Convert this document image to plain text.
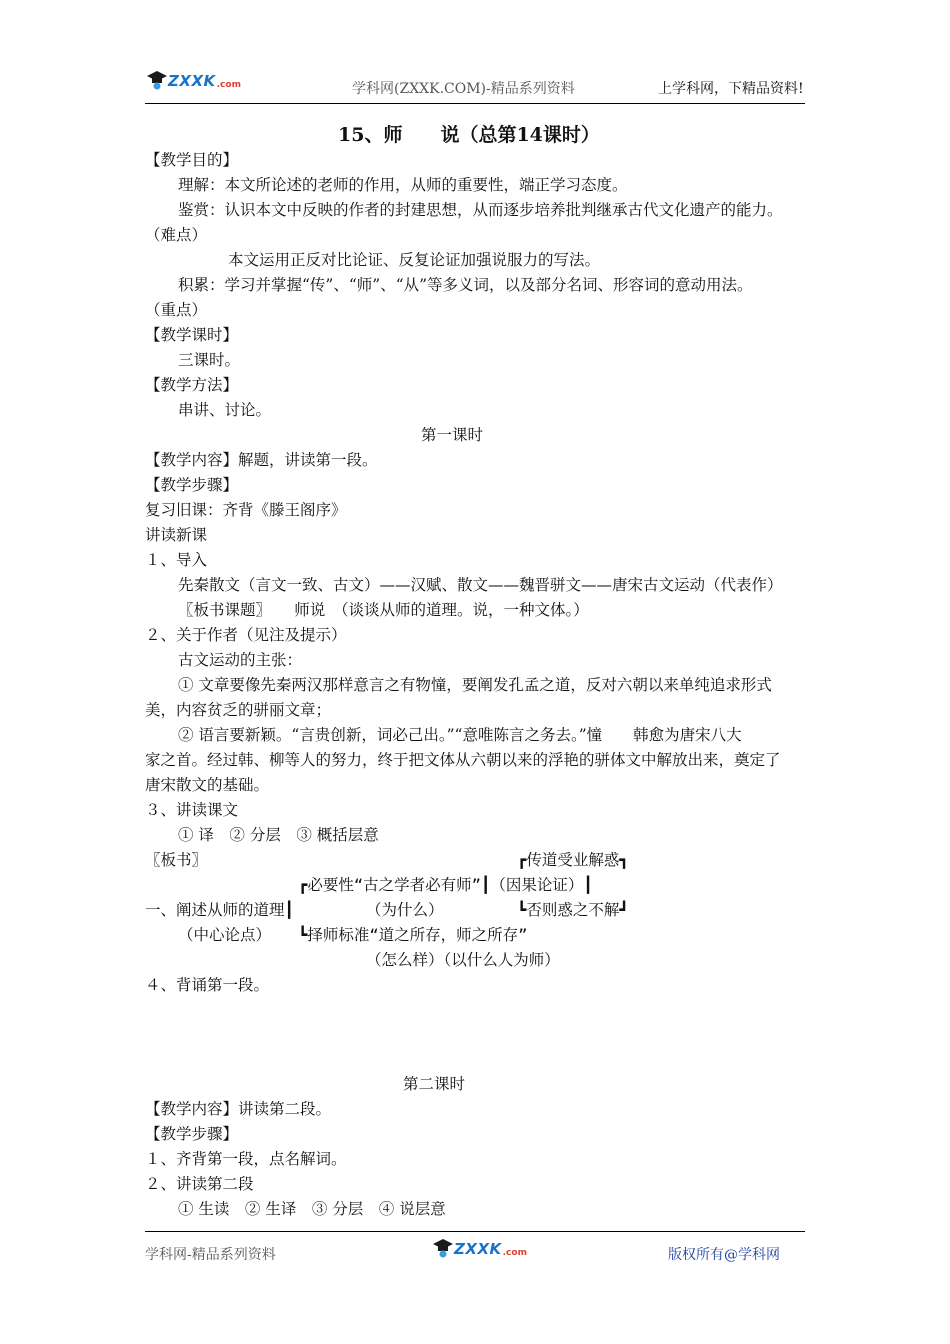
ZXXK .com	学科网(ZXXK.COM)-精品系列资料	上学科网，下精品资料!
15、师　　说（总第14课时）
【教学目的】
理解：本文所论述的老师的作用，从师的重要性，端正学习态度。
鉴赏：认识本文中反映的作者的封建思想，从而逐步培养批判继承古代文化遗产的能力。
（难点）
本文运用正反对比论证、反复论证加强说服力的写法。
积累：学习并掌握“传”、“师”、“从”等多义词，以及部分名词、形容词的意动用法。
（重点）
【教学课时】
三课时。
【教学方法】
串讲、讨论。
第一课时
【教学内容】解题，讲读第一段。
【教学步骤】
复习旧课：齐背《滕王阁序》
讲读新课
１、导入
先秦散文（言文一致、古文）——汉赋、散文——魏晋骈文——唐宋古文运动（代表作）
〖板书课题〗　　师说　（谈谈从师的道理。说，一种文体。）
２、关于作者（见注及提示）
古文运动的主张：
① 文章要像先秦两汉那样意言之有物憧，要阐发孔孟之道，反对六朝以来单纯追求形式
美，内容贫乏的骈丽文章；
② 语言要新颖。“言贵创新，词必己出。”“意唯陈言之务去。”憧　　韩愈为唐宋八大
家之首。经过韩、柳等人的努力，终于把文体从六朝以来的浮艳的骈体文中解放出来，奠定了
唐宋散文的基础。
３、讲读课文
① 译　② 分层　③ 概括层意
〖板书〗	┏传道受业解惑┓
┏必要性“古之学者必有师”┃（因果论证）┃
一、阐述从师的道理┃	（为什么）	┗否则惑之不解┛
（中心论点） ┗择师标准“道之所存，师之所存”
（怎么样）（以什么人为师）
４、背诵第一段。
第二课时
【教学内容】讲读第二段。
【教学步骤】
１、齐背第一段，点名解词。
２、讲读第二段
① 生读　② 生译　③ 分层　④ 说层意
学科网-精品系列资料	ZXXK .com	版权所有@学科网
